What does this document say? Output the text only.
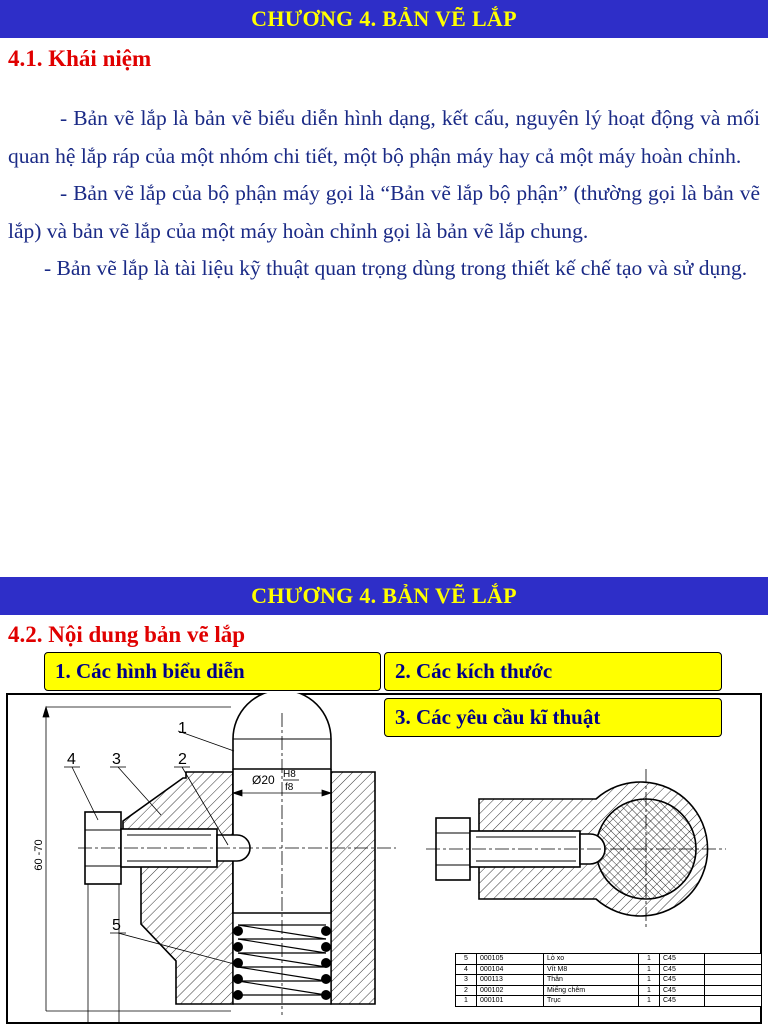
CHƯƠNG 4. BẢN VẼ LẮP
4.1. Khái niệm

- Bản vẽ lắp là bản vẽ biểu diễn hình dạng, kết cấu, nguyên lý hoạt động và mối quan hệ lắp ráp của một nhóm chi tiết, một bộ phận máy hay cả một máy hoàn chỉnh.

- Bản vẽ lắp của bộ phận máy gọi là “Bản vẽ lắp bộ phận” (thường gọi là bản vẽ lắp) và bản vẽ lắp của một máy hoàn chỉnh gọi là bản vẽ lắp chung.

- Bản vẽ lắp là tài liệu kỹ thuật quan trọng dùng trong thiết kế chế tạo và sử dụng.

CHƯƠNG 4. BẢN VẼ LẮP
4.2. Nội dung bản vẽ lắp
1
2
3
4
5
60 -70
Ø20 H8
f8
5	000105	Lò xo	1	C45	
4	000104	Vít M8	1	C45	
3	000113	Thân	1	C45	
2	000102	Miếng chêm	1	C45	
1	000101	Trục	1	C45	
1. Các hình biểu diễn	2. Các kích thước
3. Các yêu cầu kĩ thuật
